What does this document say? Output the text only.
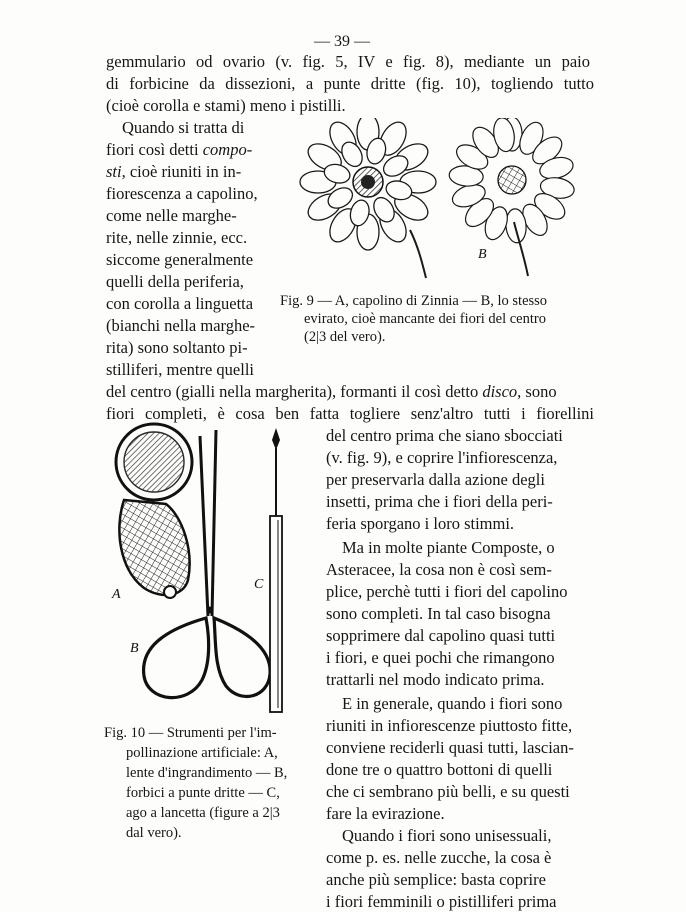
— 39 —
gemmulario od ovario (v. fig. 5, IV e fig. 8), mediante un paio
di forbicine da dissezioni, a punte dritte (fig. 10), togliendo tutto
(cioè corolla e stami) meno i pistilli.
Quando si tratta di
fiori così detti compo-
sti, cioè riuniti in in-
fiorescenza a capolino,
come nelle marghe-
rite, nelle zinnie, ecc.
siccome generalmente
quelli della periferia,
con corolla a linguetta
(bianchi nella marghe-
rita) sono soltanto pi-
stilliferi, mentre quelli
B
Fig. 9 — A, capolino di Zinnia — B, lo stesso
evirato, cioè mancante dei fiori del centro
(2|3 del vero).
del centro (gialli nella margherita), formanti il così detto disco, sono
fiori completi, è cosa ben fatta togliere senz'altro tutti i fiorellini
A
B
C
Fig. 10 — Strumenti per l'im-
pollinazione artificiale: A,
lente d'ingrandimento — B,
forbici a punte dritte — C,
ago a lancetta (figure a 2|3
dal vero).
del centro prima che siano sbocciati
(v. fig. 9), e coprire l'infiorescenza,
per preservarla dalla azione degli
insetti, prima che i fiori della peri-
feria sporgano i loro stimmi.
Ma in molte piante Composte, o
Asteracee, la cosa non è così sem-
plice, perchè tutti i fiori del capolino
sono completi. In tal caso bisogna
sopprimere dal capolino quasi tutti
i fiori, e quei pochi che rimangono
trattarli nel modo indicato prima.
E in generale, quando i fiori sono
riuniti in infiorescenze piuttosto fitte,
conviene reciderli quasi tutti, lascian-
done tre o quattro bottoni di quelli
che ci sembrano più belli, e su questi
fare la evirazione.
Quando i fiori sono unisessuali,
come p. es. nelle zucche, la cosa è
anche più semplice: basta coprire
i fiori femminili o pistilliferi prima
